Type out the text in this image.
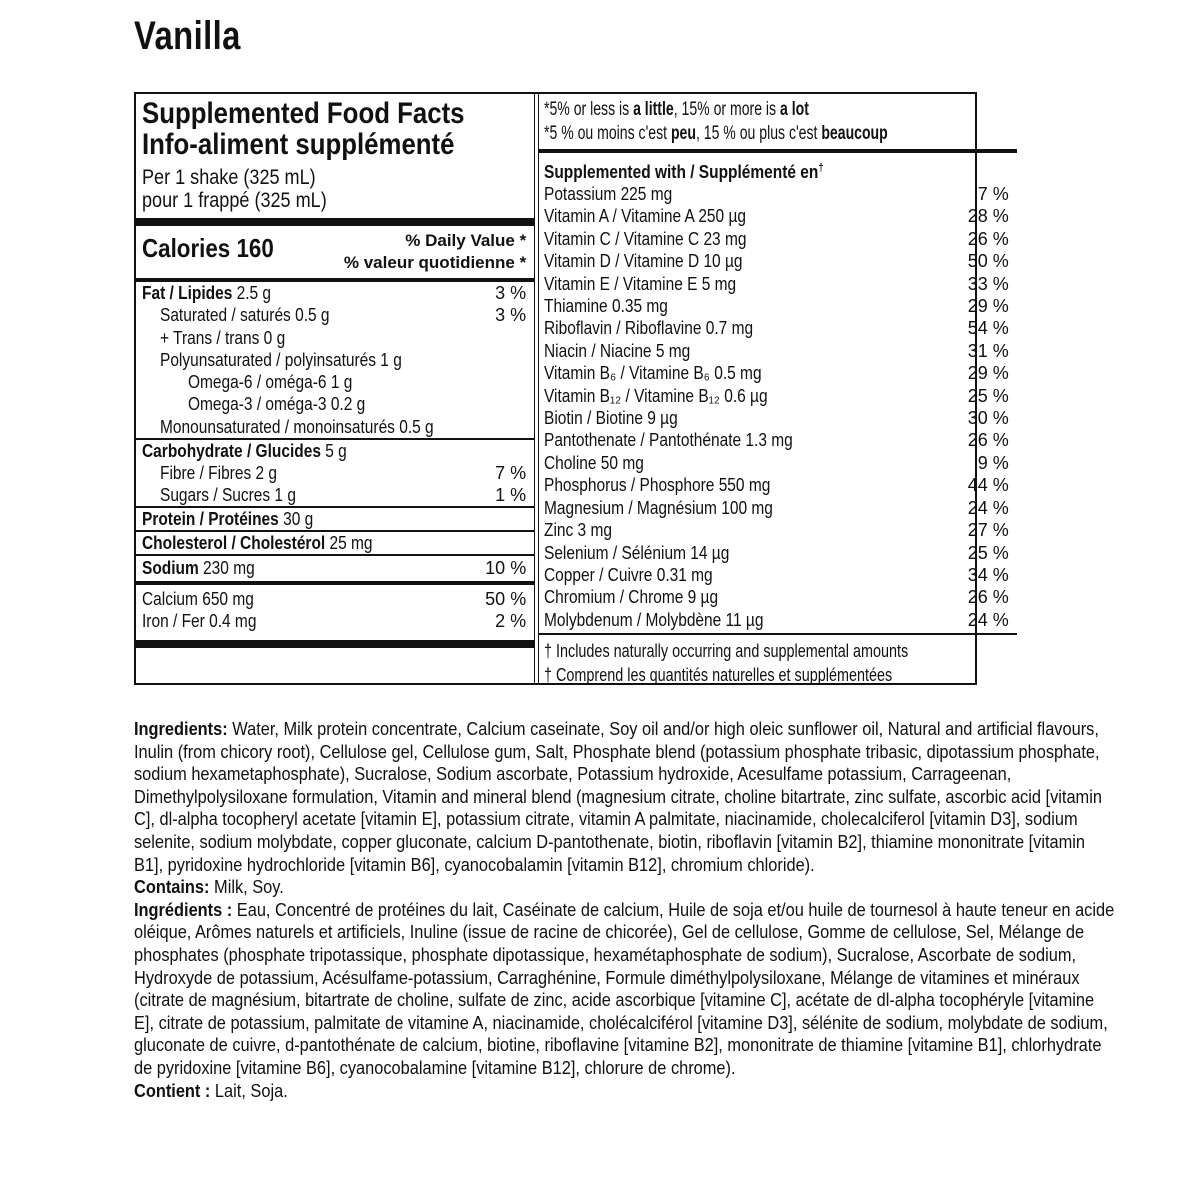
Vanilla
Supplemented Food Facts
Info-aliment supplémenté
Per 1 shake (325 mL)
pour 1 frappé (325 mL)
Calories 160	% Daily Value *
% valeur quotidienne *
Fat / Lipides 2.5 g	3 %
Saturated / saturés 0.5 g	3 %
+ Trans / trans 0 g
Polyunsaturated / polyinsaturés 1 g
Omega-6 / oméga-6 1 g
Omega-3 / oméga-3 0.2 g
Monounsaturated / monoinsaturés 0.5 g
Carbohydrate / Glucides 5 g
Fibre / Fibres 2 g	7 %
Sugars / Sucres 1 g	1 %
Protein / Protéines 30 g
Cholesterol / Cholestérol 25 mg
Sodium 230 mg	10 %
Calcium 650 mg	50 %
Iron / Fer 0.4 mg	2 %
*5% or less is a little, 15% or more is a lot
*5 % ou moins c'est peu, 15 % ou plus c'est beaucoup
Supplemented with / Supplémenté en†
Potassium 225 mg	7 %
Vitamin A / Vitamine A 250 µg	28 %
Vitamin C / Vitamine C 23 mg	26 %
Vitamin D / Vitamine D 10 µg	50 %
Vitamin E / Vitamine E 5 mg	33 %
Thiamine 0.35 mg	29 %
Riboflavin / Riboflavine 0.7 mg	54 %
Niacin / Niacine 5 mg	31 %
Vitamin B₆ / Vitamine B₆ 0.5 mg	29 %
Vitamin B₁₂ / Vitamine B₁₂ 0.6 µg	25 %
Biotin / Biotine 9 µg	30 %
Pantothenate / Pantothénate 1.3 mg	26 %
Choline 50 mg	9 %
Phosphorus / Phosphore 550 mg	44 %
Magnesium / Magnésium 100 mg	24 %
Zinc 3 mg	27 %
Selenium / Sélénium 14 µg	25 %
Copper / Cuivre 0.31 mg	34 %
Chromium / Chrome 9 µg	26 %
Molybdenum / Molybdène 11 µg	24 %
† Includes naturally occurring and supplemental amounts
† Comprend les quantités naturelles et supplémentées

Ingredients: Water, Milk protein concentrate, Calcium caseinate, Soy oil and/or high oleic sunflower oil, Natural and artificial flavours, Inulin (from chicory root), Cellulose gel, Cellulose gum, Salt, Phosphate blend (potassium phosphate tribasic, dipotassium phosphate, sodium hexametaphosphate), Sucralose, Sodium ascorbate, Potassium hydroxide, Acesulfame potassium, Carrageenan, Dimethylpolysiloxane formulation, Vitamin and mineral blend (magnesium citrate, choline bitartrate, zinc sulfate, ascorbic acid [vitamin C], dl-alpha tocopheryl acetate [vitamin E], potassium citrate, vitamin A palmitate, niacinamide, cholecalciferol [vitamin D3], sodium selenite, sodium molybdate, copper gluconate, calcium D-pantothenate, biotin, riboflavin [vitamin B2], thiamine mononitrate [vitamin B1], pyridoxine hydrochloride [vitamin B6], cyanocobalamin [vitamin B12], chromium chloride).

Contains: Milk, Soy.

Ingrédients : Eau, Concentré de protéines du lait, Caséinate de calcium, Huile de soja et/ou huile de tournesol à haute teneur en acide oléique, Arômes naturels et artificiels, Inuline (issue de racine de chicorée), Gel de cellulose, Gomme de cellulose, Sel, Mélange de phosphates (phosphate tripotassique, phosphate dipotassique, hexamétaphosphate de sodium), Sucralose, Ascorbate de sodium, Hydroxyde de potassium, Acésulfame-potassium, Carraghénine, Formule diméthylpolysiloxane, Mélange de vitamines et minéraux (citrate de magnésium, bitartrate de choline, sulfate de zinc, acide ascorbique [vitamine C], acétate de dl-alpha tocophéryle [vitamine E], citrate de potassium, palmitate de vitamine A, niacinamide, cholécalciférol [vitamine D3], sélénite de sodium, molybdate de sodium, gluconate de cuivre, d-pantothénate de calcium, biotine, riboflavine [vitamine B2], mononitrate de thiamine [vitamine B1], chlorhydrate de pyridoxine [vitamine B6], cyanocobalamine [vitamine B12], chlorure de chrome).

Contient : Lait, Soja.
